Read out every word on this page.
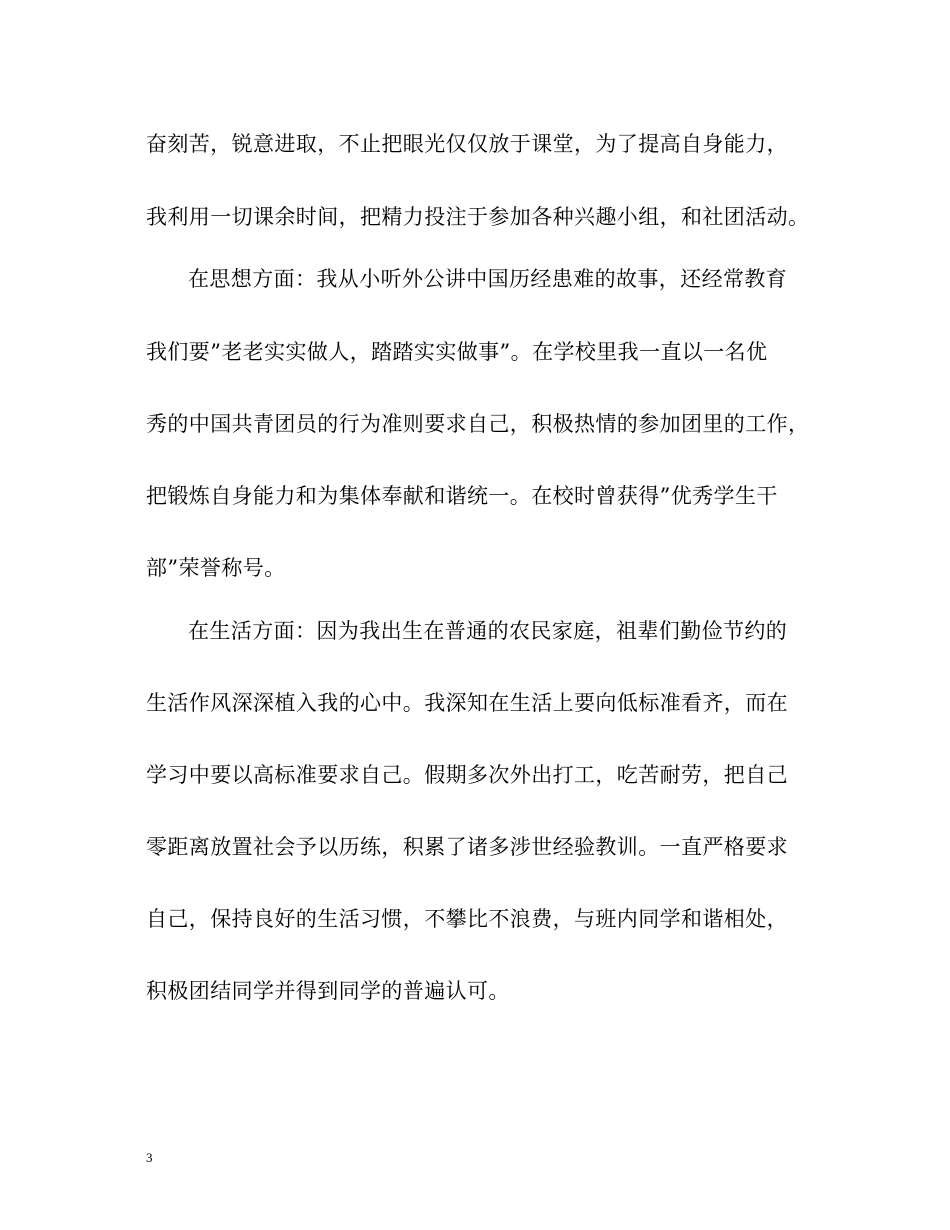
奋刻苦，锐意进取，不止把眼光仅仅放于课堂，为了提高自身能力，
我利用一切课余时间，把精力投注于参加各种兴趣小组，和社团活动。
在思想方面：我从小听外公讲中国历经患难的故事，还经常教育
我们要”老老实实做人，踏踏实实做事”。在学校里我一直以一名优
秀的中国共青团员的行为准则要求自己，积极热情的参加团里的工作，
把锻炼自身能力和为集体奉献和谐统一。在校时曾获得”优秀学生干
部”荣誉称号。
在生活方面：因为我出生在普通的农民家庭，祖辈们勤俭节约的
生活作风深深植入我的心中。我深知在生活上要向低标准看齐，而在
学习中要以高标准要求自己。假期多次外出打工，吃苦耐劳，把自己
零距离放置社会予以历练，积累了诸多涉世经验教训。一直严格要求
自己，保持良好的生活习惯，不攀比不浪费，与班内同学和谐相处，
积极团结同学并得到同学的普遍认可。
3
